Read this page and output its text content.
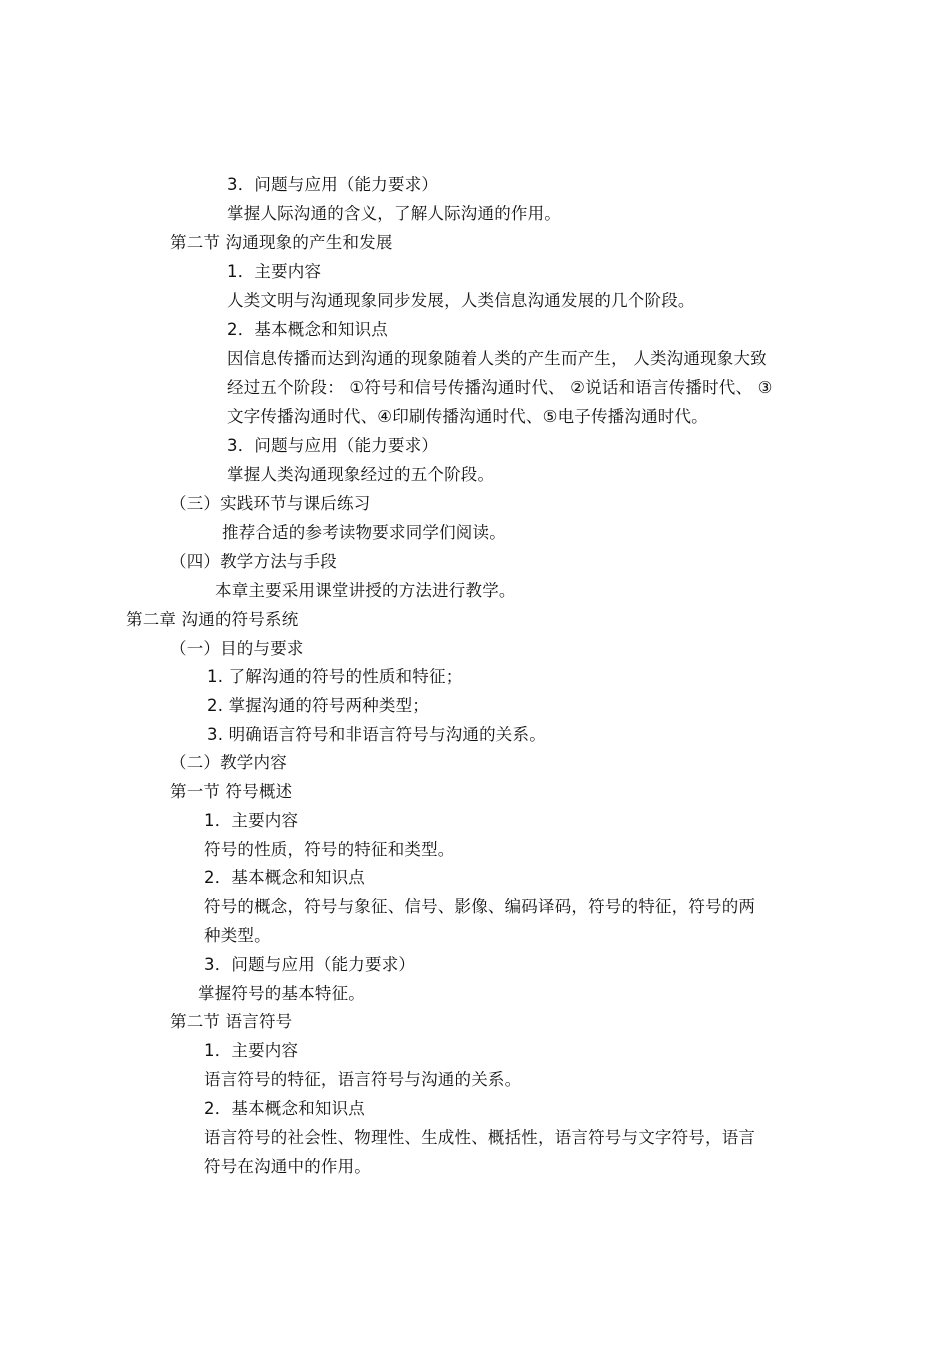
3．问题与应用（能力要求）
掌握人际沟通的含义，了解人际沟通的作用。
第二节 沟通现象的产生和发展
1．主要内容
人类文明与沟通现象同步发展，人类信息沟通发展的几个阶段。
2．基本概念和知识点
因信息传播而达到沟通的现象随着人类的产生而产生， 人类沟通现象大致
经过五个阶段： ①符号和信号传播沟通时代、 ②说话和语言传播时代、 ③
文字传播沟通时代、④印刷传播沟通时代、⑤电子传播沟通时代。
3．问题与应用（能力要求）
掌握人类沟通现象经过的五个阶段。
（三）实践环节与课后练习
推荐合适的参考读物要求同学们阅读。
（四）教学方法与手段
本章主要采用课堂讲授的方法进行教学。
第二章 沟通的符号系统
（一）目的与要求
1. 了解沟通的符号的性质和特征；
2. 掌握沟通的符号两种类型；
3. 明确语言符号和非语言符号与沟通的关系。
（二）教学内容
第一节 符号概述
1．主要内容
符号的性质，符号的特征和类型。
2．基本概念和知识点
符号的概念，符号与象征、信号、影像、编码译码，符号的特征，符号的两
种类型。
3．问题与应用（能力要求）
掌握符号的基本特征。
第二节 语言符号
1．主要内容
语言符号的特征，语言符号与沟通的关系。
2．基本概念和知识点
语言符号的社会性、物理性、生成性、概括性，语言符号与文字符号，语言
符号在沟通中的作用。
